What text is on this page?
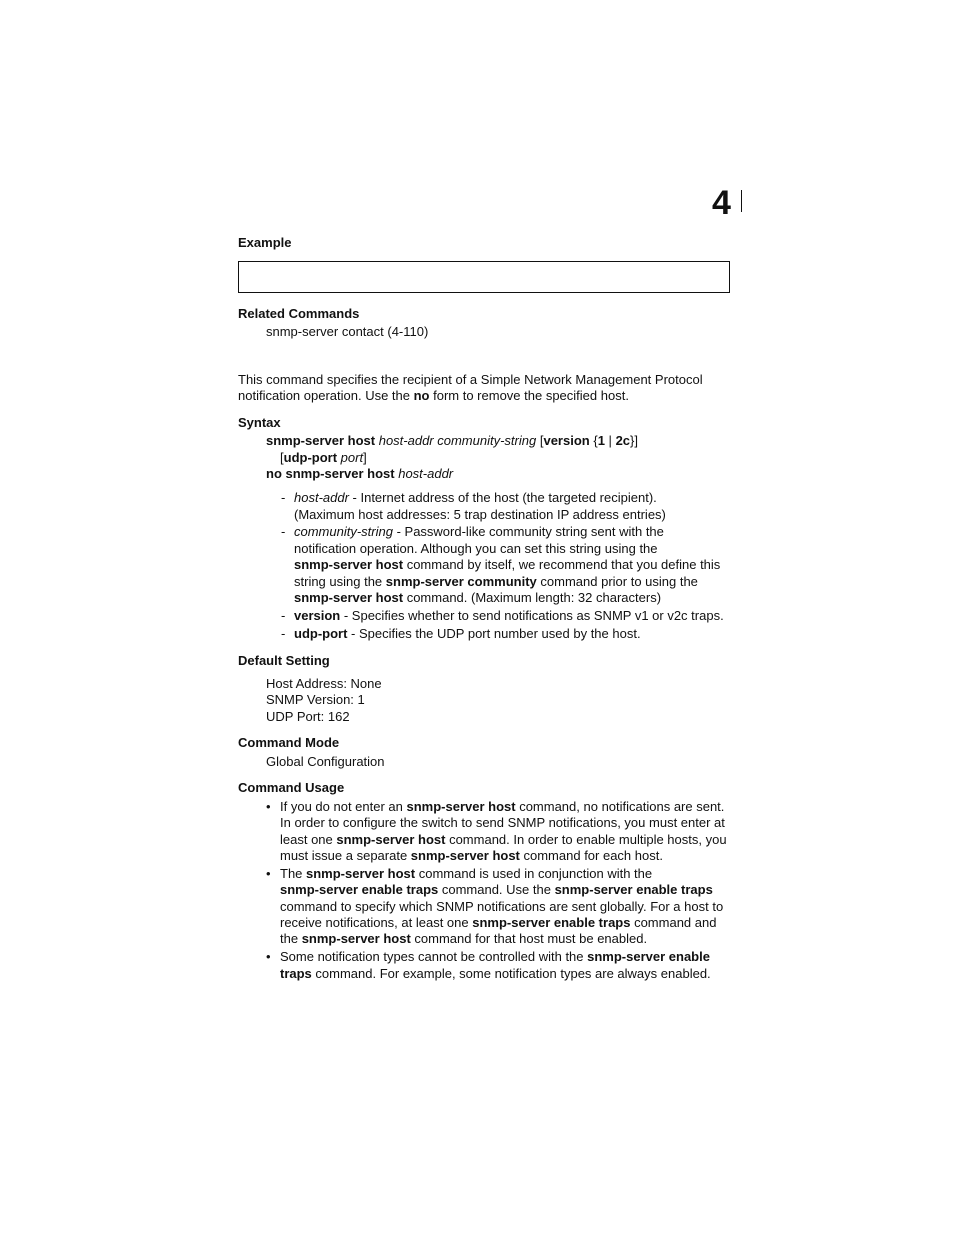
4
Example
Related Commands
snmp-server contact (4-110)
This command specifies the recipient of a Simple Network Management Protocol
notification operation. Use the no form to remove the specified host.
Syntax
snmp-server host host-addr community-string [version {1 | 2c}]
[udp-port port]
no snmp-server host host-addr
- host-addr - Internet address of the host (the targeted recipient).
(Maximum host addresses: 5 trap destination IP address entries)
- community-string - Password-like community string sent with the
notification operation. Although you can set this string using the
snmp-server host command by itself, we recommend that you define this
string using the snmp-server community command prior to using the
snmp-server host command. (Maximum length: 32 characters)
- version - Specifies whether to send notifications as SNMP v1 or v2c traps.
- udp-port - Specifies the UDP port number used by the host.
Default Setting
Host Address: None
SNMP Version: 1
UDP Port: 162
Command Mode
Global Configuration
Command Usage
• If you do not enter an snmp-server host command, no notifications are sent.
In order to configure the switch to send SNMP notifications, you must enter at
least one snmp-server host command. In order to enable multiple hosts, you
must issue a separate snmp-server host command for each host.
• The snmp-server host command is used in conjunction with the
snmp-server enable traps command. Use the snmp-server enable traps
command to specify which SNMP notifications are sent globally. For a host to
receive notifications, at least one snmp-server enable traps command and
the snmp-server host command for that host must be enabled.
• Some notification types cannot be controlled with the snmp-server enable
traps command. For example, some notification types are always enabled.
